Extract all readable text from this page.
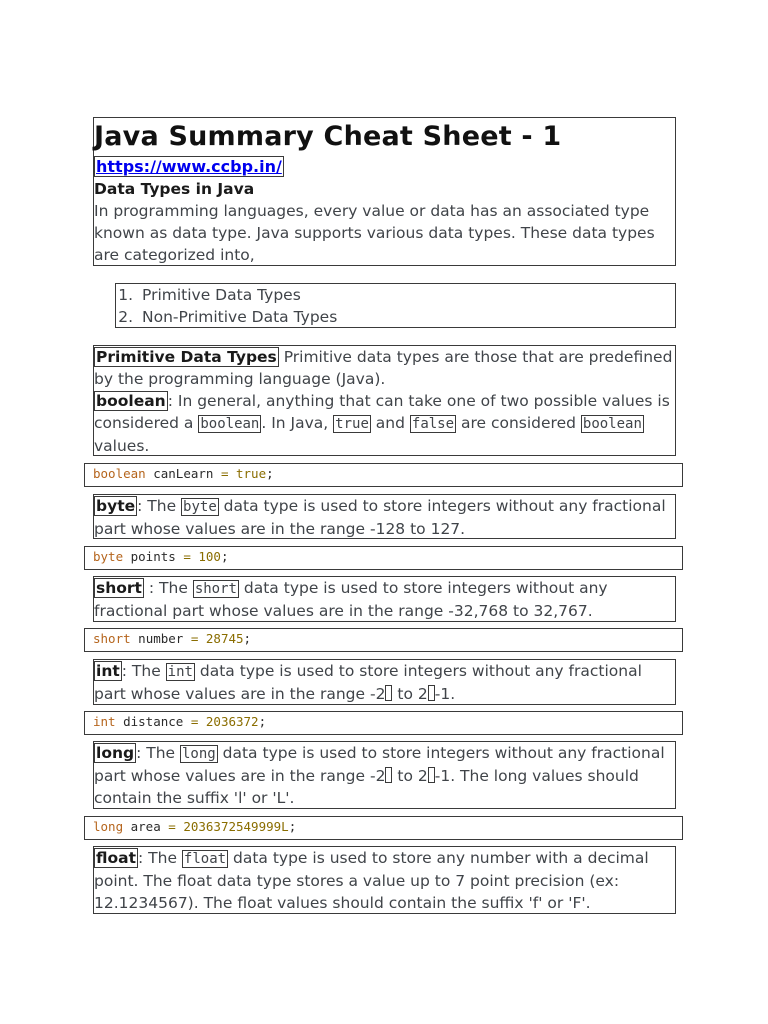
Java Summary Cheat Sheet - 1
https://www.ccbp.in/
Data Types in Java
In programming languages, every value or data has an associated type known as data type. Java supports various data types. These data types are categorized into,
1. Primitive Data Types
2. Non-Primitive Data Types
Primitive Data Types Primitive data types are those that are predefined by the programming language (Java).
boolean : In general, anything that can take one of two possible values is considered a boolean . In Java, true and false are considered boolean values.
boolean canLearn = true;
byte : The byte data type is used to store integers without any fractional part whose values are in the range -128 to 127.
byte points = 100;
short : The short data type is used to store integers without any fractional part whose values are in the range -32,768 to 32,767.
short number = 28745;
int : The int data type is used to store integers without any fractional part whose values are in the range -2 to 2 -1.
int distance = 2036372;
long : The long data type is used to store integers without any fractional part whose values are in the range -2 to 2 -1. The long values should contain the suffix 'l' or 'L'.
long area = 2036372549999L;
float : The float data type is used to store any number with a decimal point. The float data type stores a value up to 7 point precision (ex: 12.1234567). The float values should contain the suffix 'f' or 'F'.
